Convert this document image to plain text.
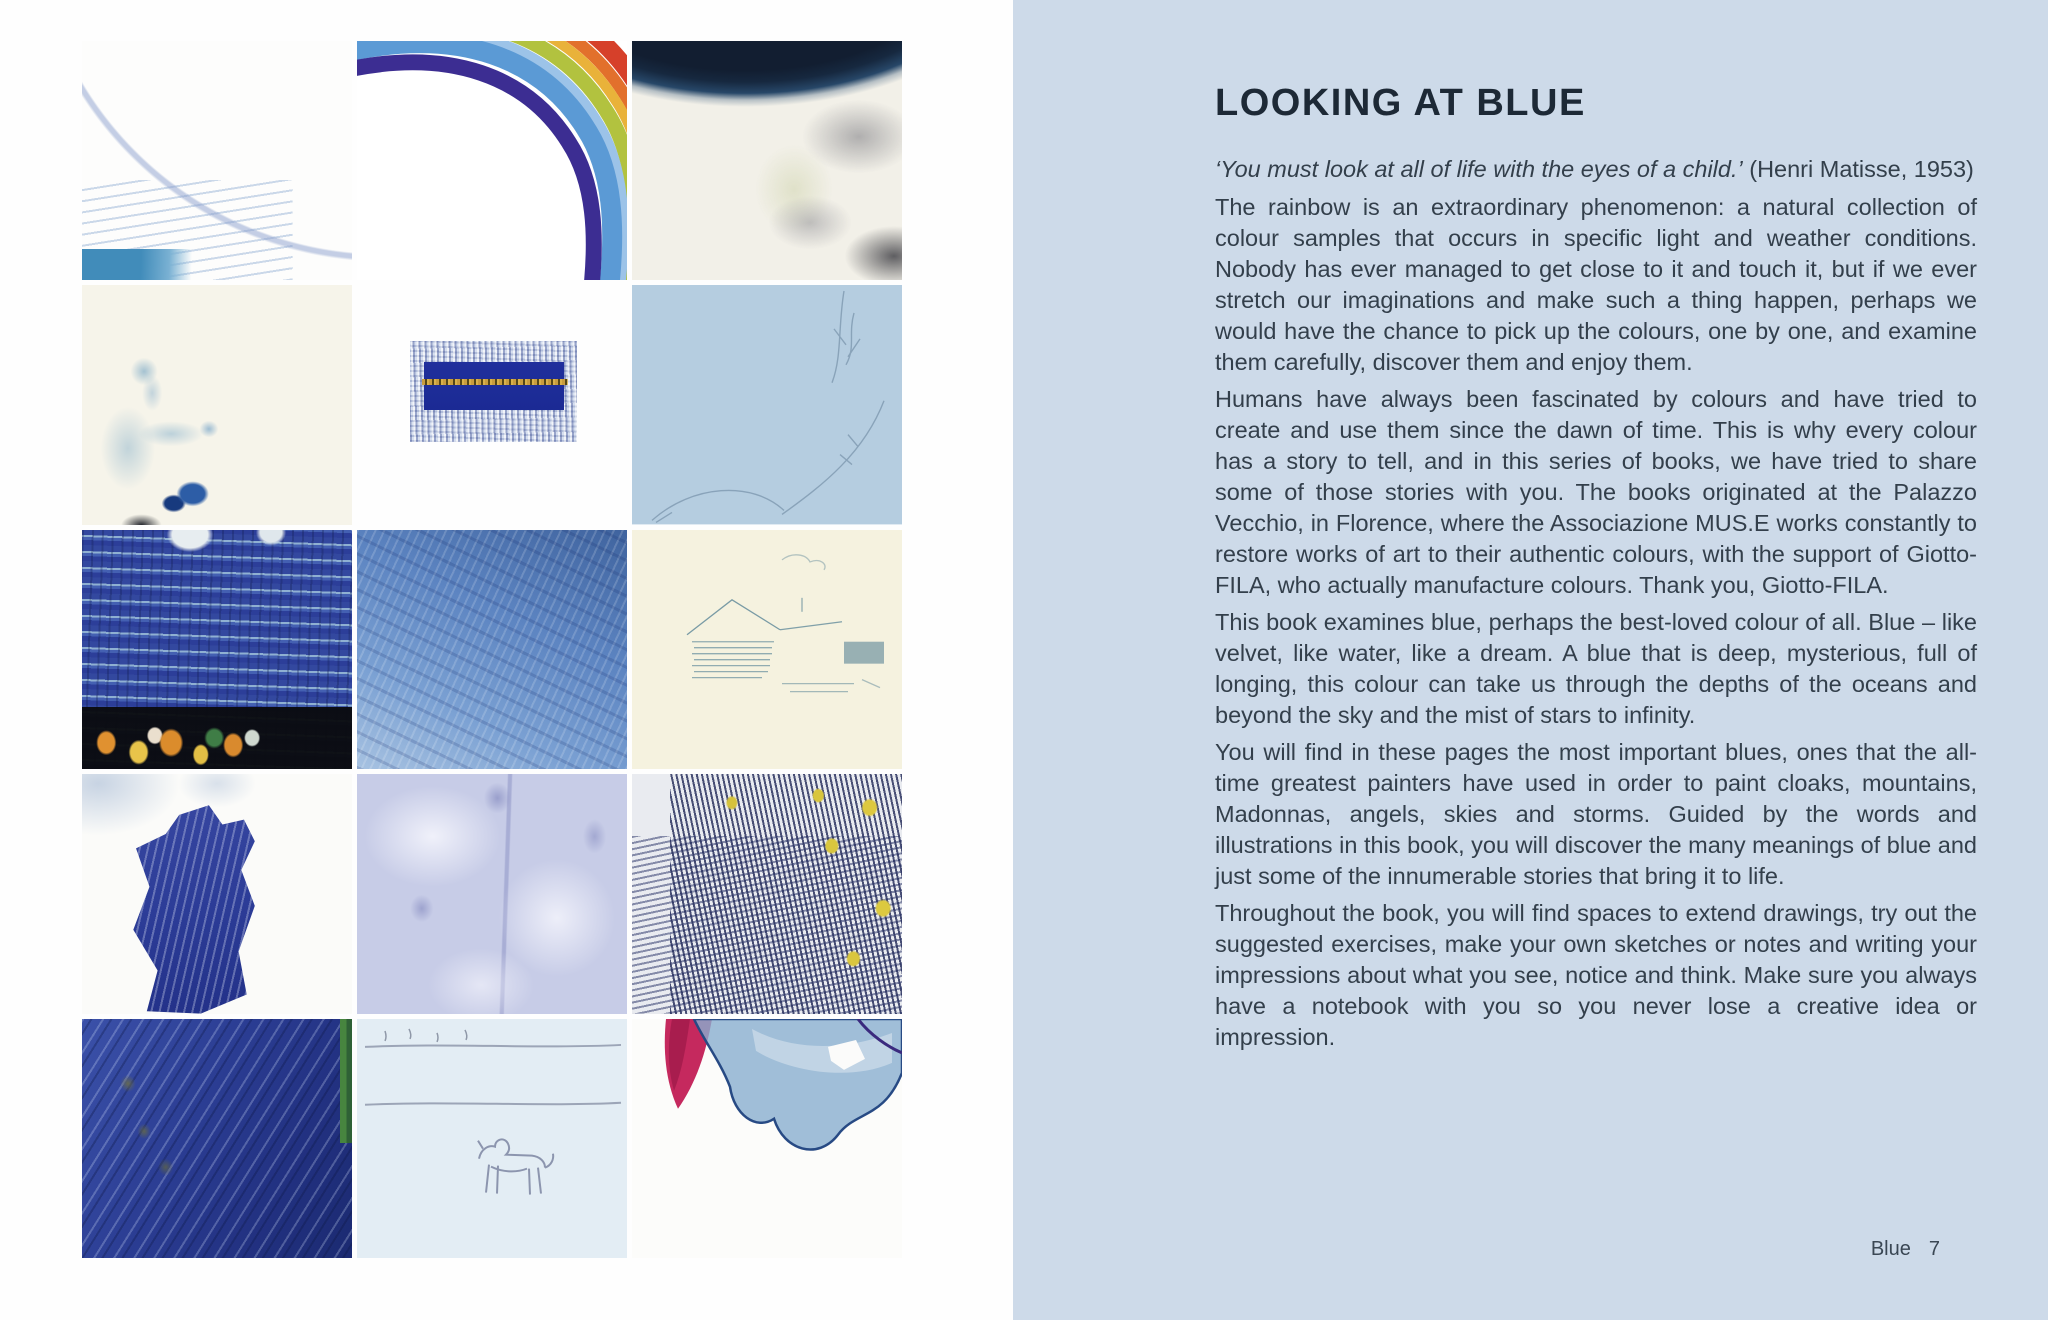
LOOKING AT BLUE

‘You must look at all of life with the eyes of a child.’ (Henri Matisse, 1953)

The rainbow is an extraordinary phenomenon: a natural collection of colour samples that occurs in specific light and weather conditions. Nobody has ever managed to get close to it and touch it, but if we ever stretch our imaginations and make such a thing happen, perhaps we would have the chance to pick up the colours, one by one, and examine them carefully, discover them and enjoy them.

Humans have always been fascinated by colours and have tried to create and use them since the dawn of time. This is why every colour has a story to tell, and in this series of books, we have tried to share some of those stories with you. The books originated at the Palazzo Vecchio, in Florence, where the Associazione MUS.E works constantly to restore works of art to their authentic colours, with the support of Giotto-FILA, who actually manufacture colours. Thank you, Giotto-FILA.

This book examines blue, perhaps the best-loved colour of all. Blue – like velvet, like water, like a dream. A blue that is deep, mysterious, full of longing, this colour can take us through the depths of the oceans and beyond the sky and the mist of stars to infinity.

You will find in these pages the most important blues, ones that the all-time greatest painters have used in order to paint cloaks, mountains, Madonnas, angels, skies and storms. Guided by the words and illustrations in this book, you will discover the many meanings of blue and just some of the innumerable stories that bring it to life.

Throughout the book, you will find spaces to extend drawings, try out the suggested exercises, make your own sketches or notes and writing your impressions about what you see, notice and think. Make sure you always have a notebook with you so you never lose a creative idea or impression.

Blue 7
